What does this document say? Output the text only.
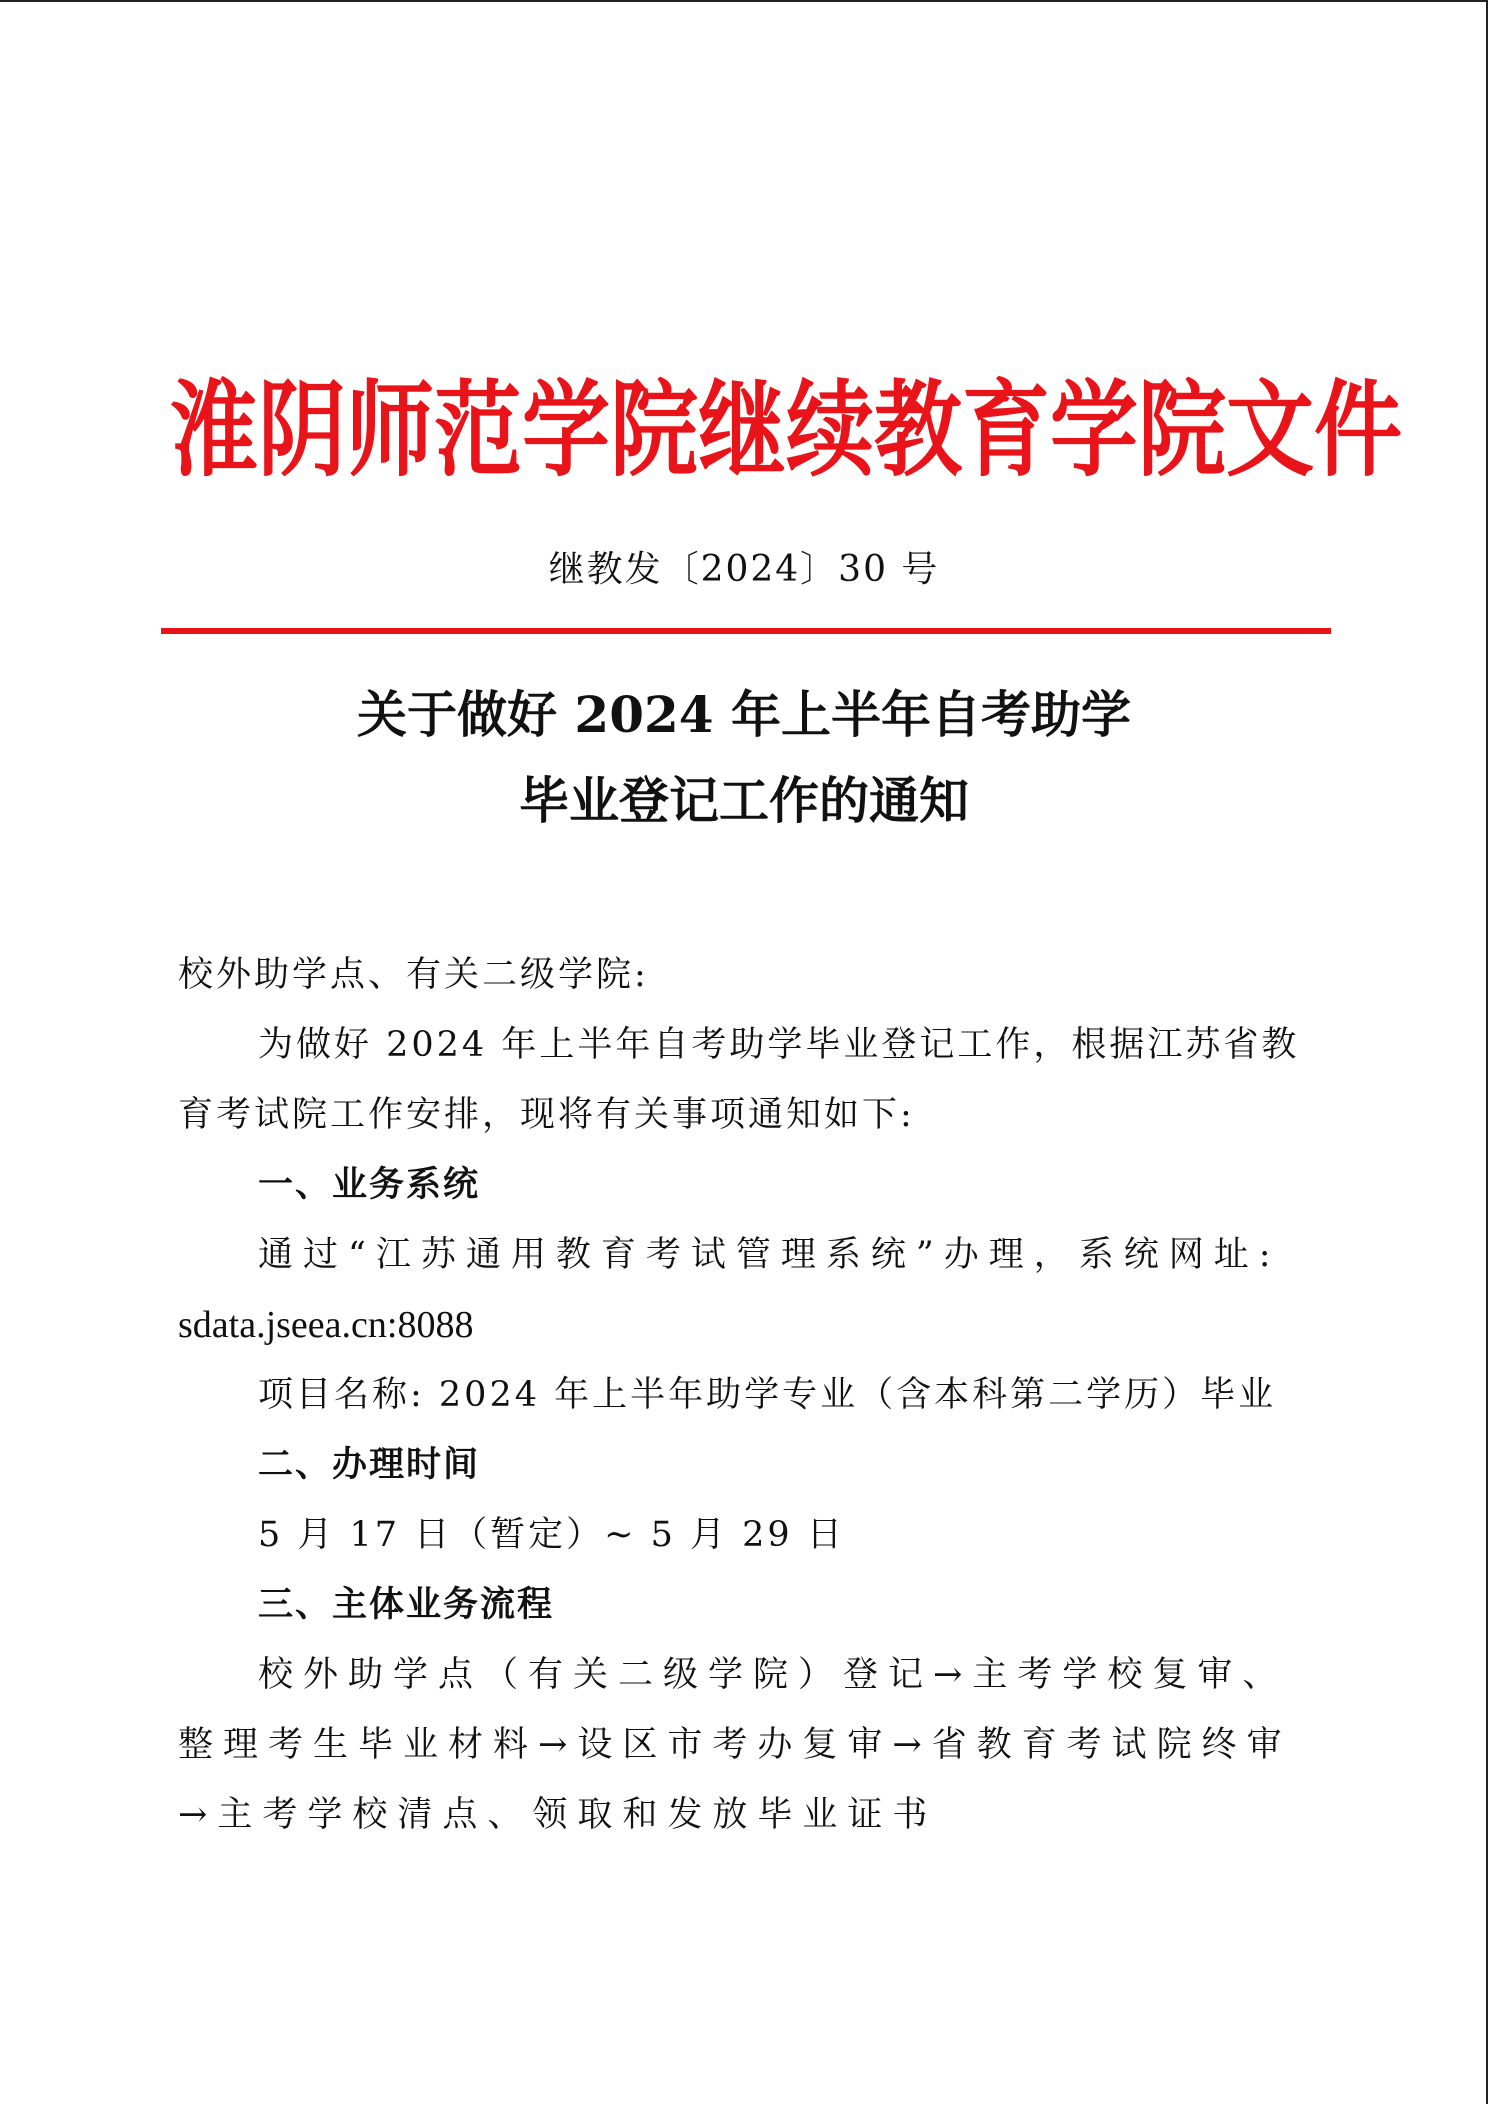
淮阴师范学院继续教育学院文件
继教发〔2024〕30 号
关于做好 2024 年上半年自考助学
毕业登记工作的通知

校外助学点、有关二级学院:

为做好 2024 年上半年自考助学毕业登记工作，根据江苏省教育考试院工作安排，现将有关事项通知如下:

一、业务系统

通过“江苏通用教育考试管理系统”办理，系统网址:

sdata.jseea.cn:8088

项目名称: 2024 年上半年助学专业（含本科第二学历）毕业

二、办理时间

5 月 17 日（暂定）~ 5 月 29 日

三、主体业务流程

校外助学点（有关二级学院）登记→主考学校复审、整理考生毕业材料→设区市考办复审→省教育考试院终审→主考学校清点、领取和发放毕业证书
